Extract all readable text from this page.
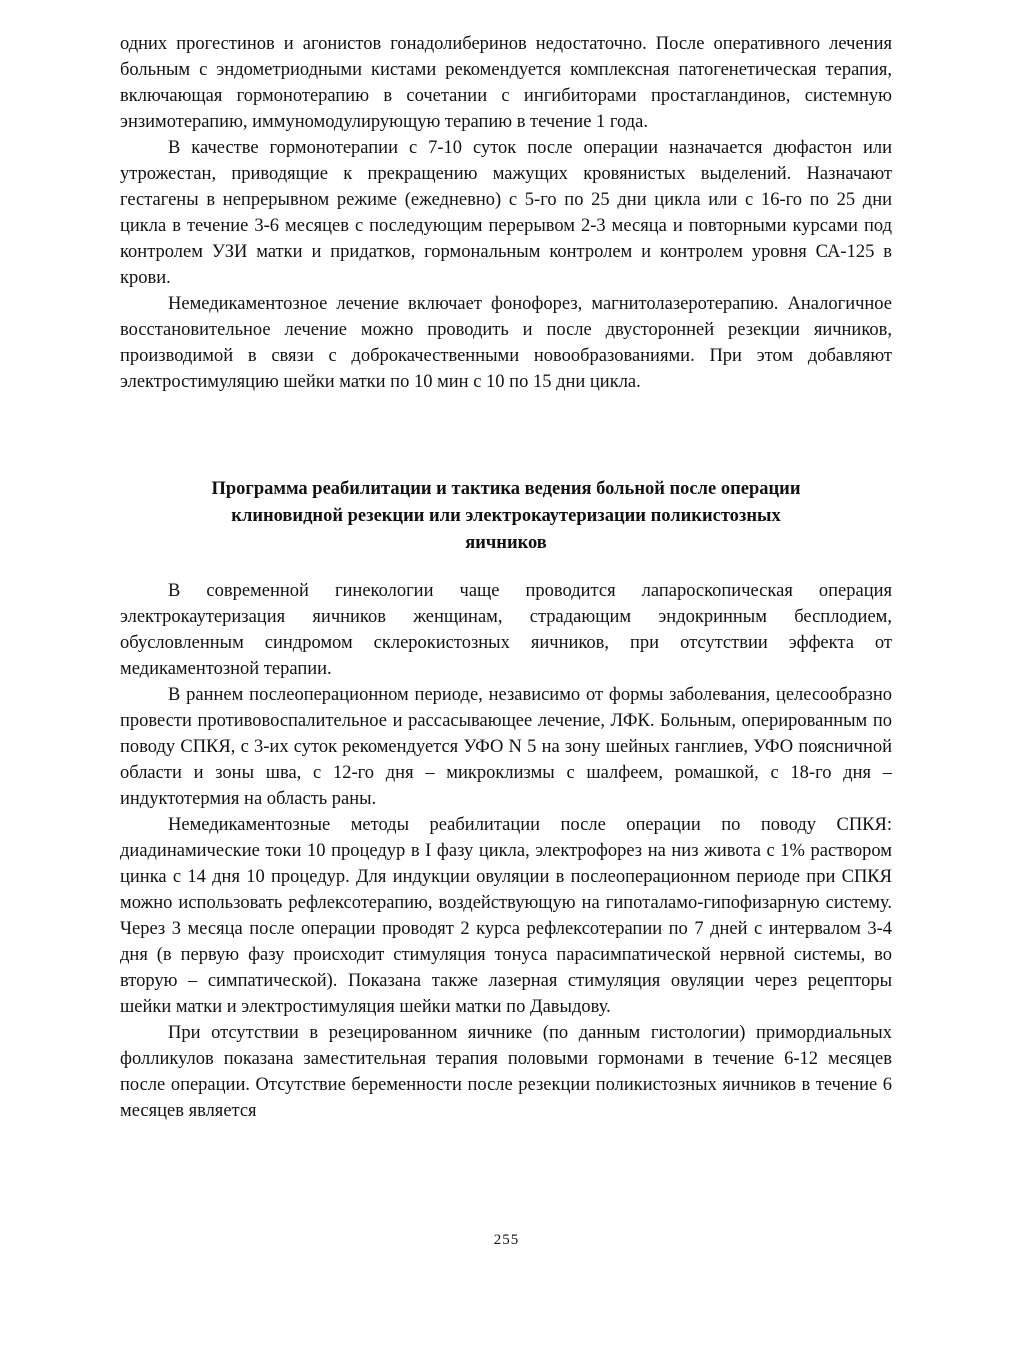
одних прогестинов и агонистов гонадолиберинов недостаточно. После оперативного лечения больным с эндометриодными кистами рекомендуется комплексная патогенетическая терапия, включающая гормонотерапию в сочетании с ингибиторами простагландинов, системную энзимотерапию, иммуномодулирующую терапию в течение 1 года.

В качестве гормонотерапии с 7-10 суток после операции назначается дюфастон или утрожестан, приводящие к прекращению мажущих кровянистых выделений. Назначают гестагены в непрерывном режиме (ежедневно) с 5-го по 25 дни цикла или с 16-го по 25 дни цикла в течение 3-6 месяцев с последующим перерывом 2-3 месяца и повторными курсами под контролем УЗИ матки и придатков, гормональным контролем и контролем уровня СА-125 в крови.

Немедикаментозное лечение включает фонофорез, магнитолазеротерапию. Аналогичное восстановительное лечение можно проводить и после двусторонней резекции яичников, производимой в связи с доброкачественными новообразованиями. При этом добавляют электростимуляцию шейки матки по 10 мин с 10 по 15 дни цикла.

Программа реабилитации и тактика ведения больной после операции
клиновидной резекции или электрокаутеризации поликистозных
яичников

В современной гинекологии чаще проводится лапароскопическая операция электрокаутеризация яичников женщинам, страдающим эндокринным бесплодием, обусловленным синдромом склерокистозных яичников, при отсутствии эффекта от медикаментозной терапии.

В раннем послеоперационном периоде, независимо от формы заболевания, целесообразно провести противовоспалительное и рассасывающее лечение, ЛФК. Больным, оперированным по поводу СПКЯ, с 3-их суток рекомендуется УФО N 5 на зону шейных ганглиев, УФО поясничной области и зоны шва, с 12-го дня – микроклизмы с шалфеем, ромашкой, с 18-го дня – индуктотермия на область раны.

Немедикаментозные методы реабилитации после операции по поводу СПКЯ: диадинамические токи 10 процедур в I фазу цикла, электрофорез на низ живота с 1% раствором цинка с 14 дня 10 процедур. Для индукции овуляции в послеоперационном периоде при СПКЯ можно использовать рефлексотерапию, воздействующую на гипоталамо-гипофизарную систему. Через 3 месяца после операции проводят 2 курса рефлексотерапии по 7 дней с интервалом 3-4 дня (в первую фазу происходит стимуляция тонуса парасимпатической нервной системы, во вторую – симпатической). Показана также лазерная стимуляция овуляции через рецепторы шейки матки и электростимуляция шейки матки по Давыдову.

При отсутствии в резецированном яичнике (по данным гистологии) примордиальных фолликулов показана заместительная терапия половыми гормонами в течение 6-12 месяцев после операции. Отсутствие беременности после резекции поликистозных яичников в течение 6 месяцев является

255
